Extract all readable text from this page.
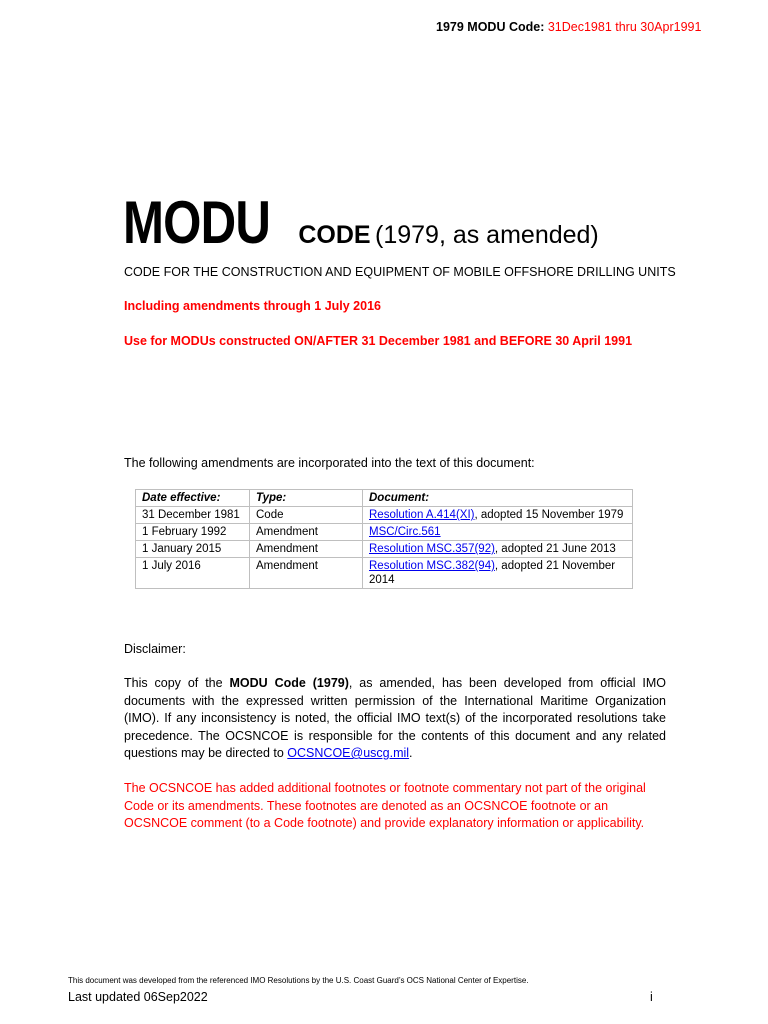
1979 MODU Code: 31Dec1981 thru 30Apr1991
MODU CODE (1979, as amended)
CODE FOR THE CONSTRUCTION AND EQUIPMENT OF MOBILE OFFSHORE DRILLING UNITS
Including amendments through 1 July 2016
Use for MODUs constructed ON/AFTER 31 December 1981 and BEFORE 30 April 1991
The following amendments are incorporated into the text of this document:
Date effective:	Type:	Document:
31 December 1981	Code	Resolution A.414(XI), adopted 15 November 1979
1 February 1992	Amendment	MSC/Circ.561
1 January 2015	Amendment	Resolution MSC.357(92), adopted 21 June 2013
1 July 2016	Amendment	Resolution MSC.382(94), adopted 21 November 2014
Disclaimer:
This copy of the MODU Code (1979), as amended, has been developed from official IMO documents with the expressed written permission of the International Maritime Organization (IMO). If any inconsistency is noted, the official IMO text(s) of the incorporated resolutions take precedence. The OCSNCOE is responsible for the contents of this document and any related questions may be directed to OCSNCOE@uscg.mil.
The OCSNCOE has added additional footnotes or footnote commentary not part of the original Code or its amendments. These footnotes are denoted as an OCSNCOE footnote or an OCSNCOE comment (to a Code footnote) and provide explanatory information or applicability.
This document was developed from the referenced IMO Resolutions by the U.S. Coast Guard’s OCS National Center of Expertise.
Last updated 06Sep2022	i
